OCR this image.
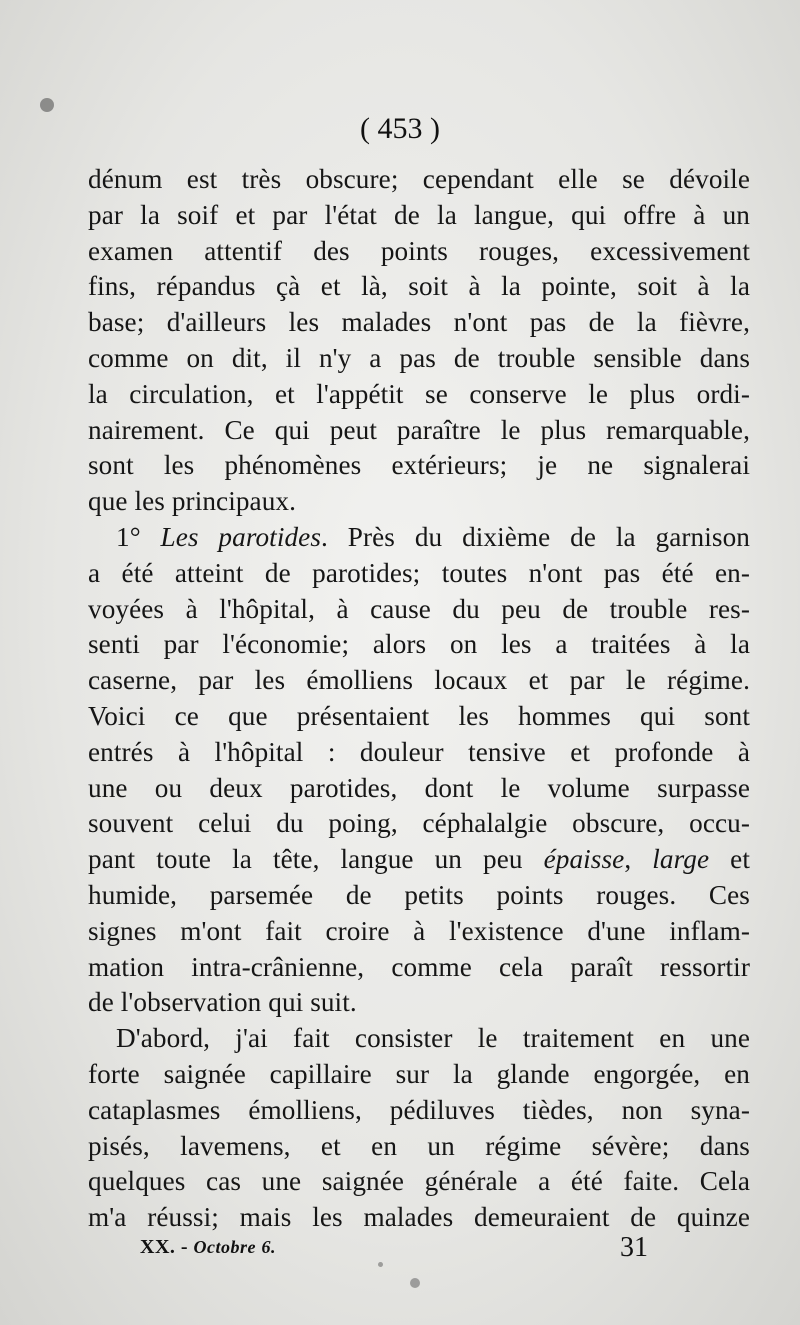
( 453 )
dénum est très obscure; cependant elle se dévoile
par la soif et par l'état de la langue, qui offre à un
examen attentif des points rouges, excessivement
fins, répandus çà et là, soit à la pointe, soit à la
base; d'ailleurs les malades n'ont pas de la fièvre,
comme on dit, il n'y a pas de trouble sensible dans
la circulation, et l'appétit se conserve le plus ordi-
nairement. Ce qui peut paraître le plus remarquable,
sont les phénomènes extérieurs; je ne signalerai
que les principaux.
1° Les parotides. Près du dixième de la garnison
a été atteint de parotides; toutes n'ont pas été en-
voyées à l'hôpital, à cause du peu de trouble res-
senti par l'économie; alors on les a traitées à la
caserne, par les émolliens locaux et par le régime.
Voici ce que présentaient les hommes qui sont
entrés à l'hôpital : douleur tensive et profonde à
une ou deux parotides, dont le volume surpasse
souvent celui du poing, céphalalgie obscure, occu-
pant toute la tête, langue un peu épaisse, large et
humide, parsemée de petits points rouges. Ces
signes m'ont fait croire à l'existence d'une inflam-
mation intra-crânienne, comme cela paraît ressortir
de l'observation qui suit.
D'abord, j'ai fait consister le traitement en une
forte saignée capillaire sur la glande engorgée, en
cataplasmes émolliens, pédiluves tièdes, non syna-
pisés, lavemens, et en un régime sévère; dans
quelques cas une saignée générale a été faite. Cela
m'a réussi; mais les malades demeuraient de quinze
XX. - Octobre 6.	31
